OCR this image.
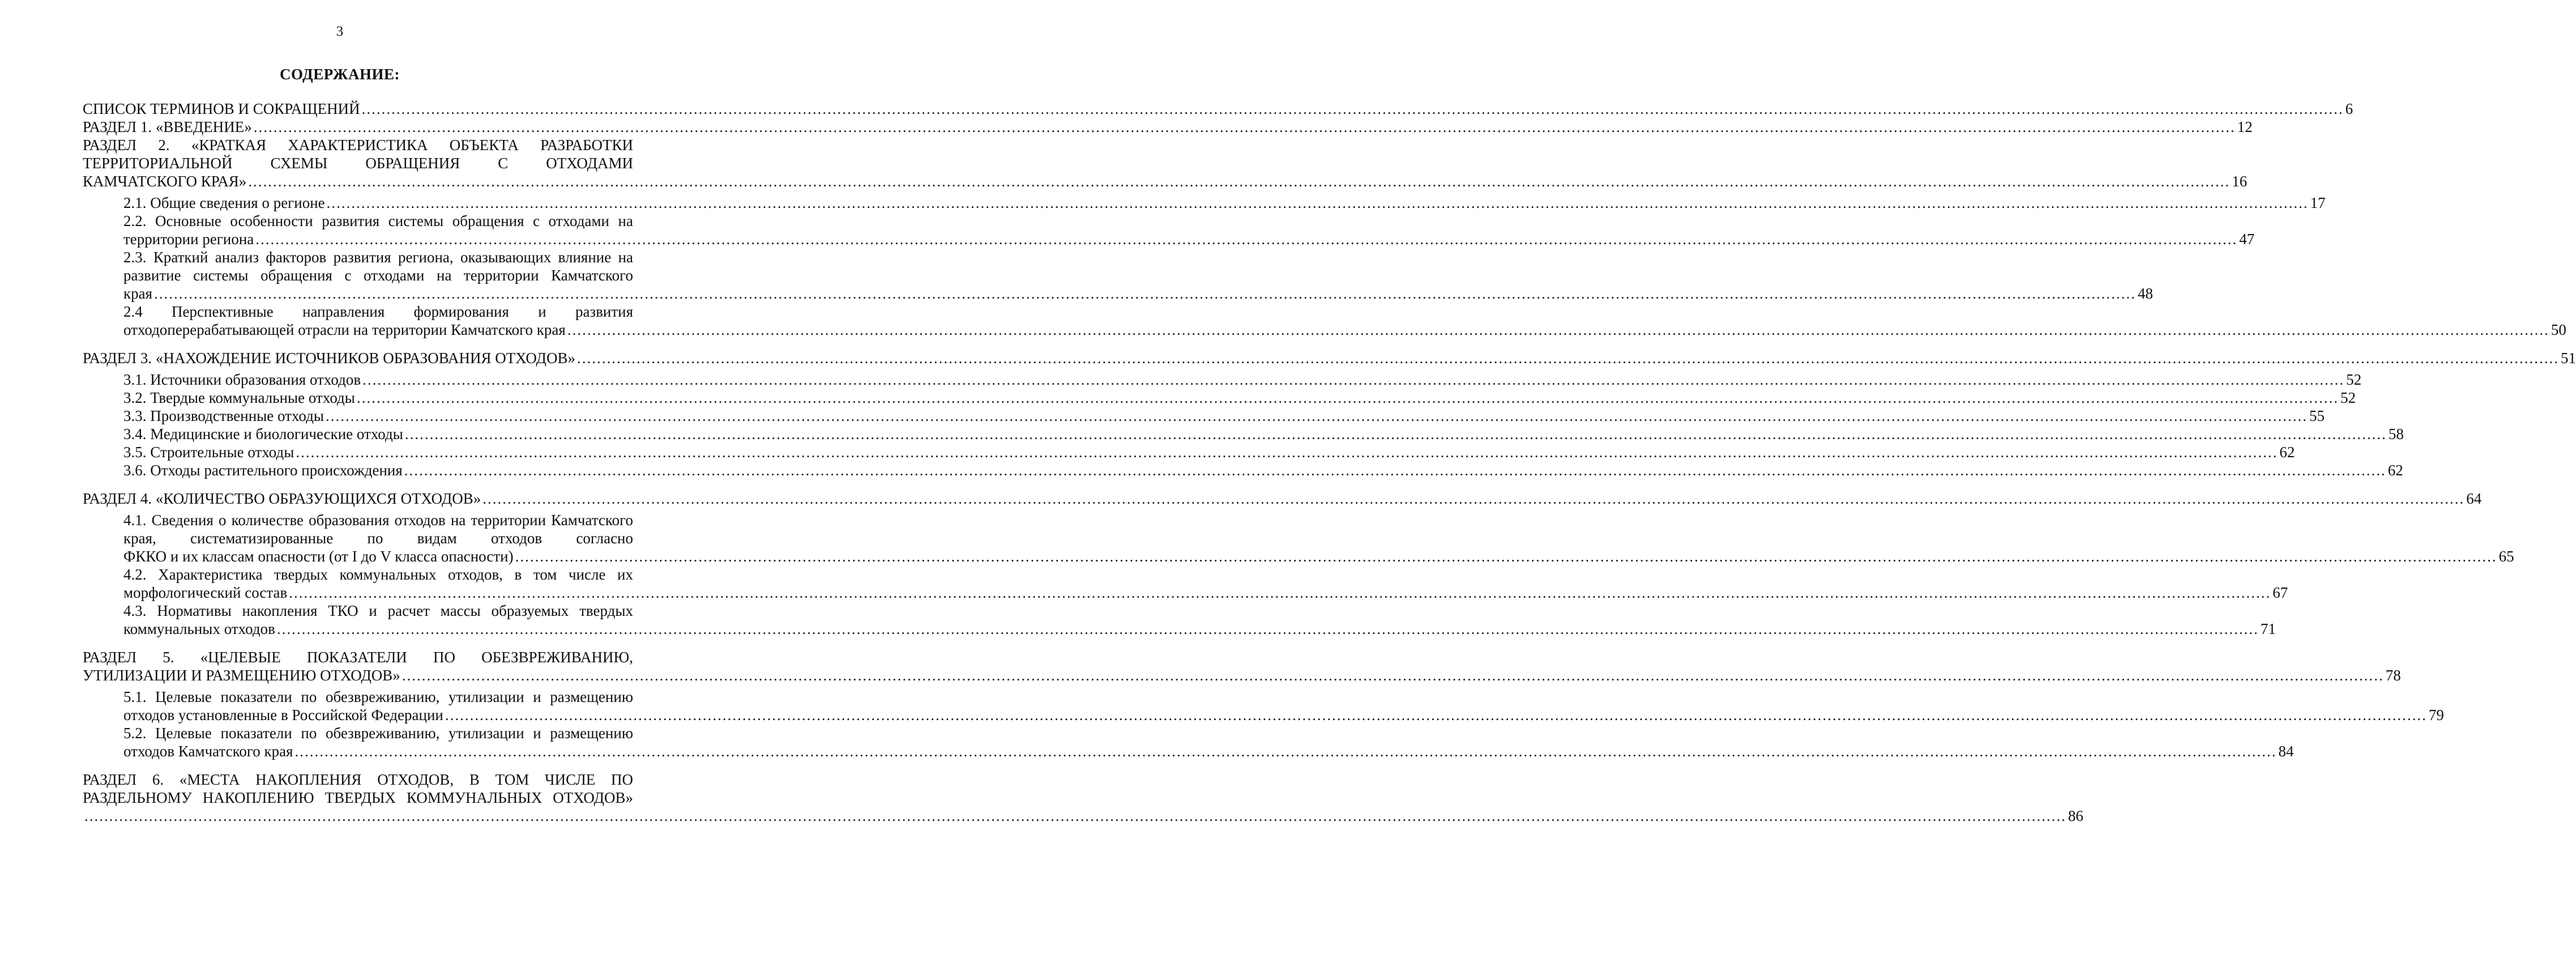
3
СОДЕРЖАНИЕ:
СПИСОК ТЕРМИНОВ И СОКРАЩЕНИЙ ................................................................................................................................................................................................................................................................................................................................................................................................................ 6
РАЗДЕЛ 1. «ВВЕДЕНИЕ» ................................................................................................................................................................................................................................................................................................................................................................................................................ 12
РАЗДЕЛ 2. «КРАТКАЯ ХАРАКТЕРИСТИКА ОБЪЕКТА РАЗРАБОТКИ ТЕРРИТОРИАЛЬНОЙ СХЕМЫ ОБРАЩЕНИЯ С ОТХОДАМИ
КАМЧАТСКОГО КРАЯ» ................................................................................................................................................................................................................................................................................................................................................................................................................ 16
2.1. Общие сведения о регионе ................................................................................................................................................................................................................................................................................................................................................................................................................ 17
2.2. Основные особенности развития системы обращения с отходами на
территории региона ................................................................................................................................................................................................................................................................................................................................................................................................................ 47
2.3. Краткий анализ факторов развития региона, оказывающих влияние на развитие системы обращения с отходами на территории Камчатского
края ................................................................................................................................................................................................................................................................................................................................................................................................................ 48
2.4 Перспективные направления формирования и развития
отходоперерабатывающей отрасли на территории Камчатского края ................................................................................................................................................................................................................................................................................................................................................................................................................ 50
РАЗДЕЛ 3. «НАХОЖДЕНИЕ ИСТОЧНИКОВ ОБРАЗОВАНИЯ ОТХОДОВ» ................................................................................................................................................................................................................................................................................................................................................................................................................ 51
3.1. Источники образования отходов ................................................................................................................................................................................................................................................................................................................................................................................................................ 52
3.2. Твердые коммунальные отходы ................................................................................................................................................................................................................................................................................................................................................................................................................ 52
3.3. Производственные отходы ................................................................................................................................................................................................................................................................................................................................................................................................................ 55
3.4. Медицинские и биологические отходы ................................................................................................................................................................................................................................................................................................................................................................................................................ 58
3.5. Строительные отходы ................................................................................................................................................................................................................................................................................................................................................................................................................ 62
3.6. Отходы растительного происхождения ................................................................................................................................................................................................................................................................................................................................................................................................................ 62
РАЗДЕЛ 4. «КОЛИЧЕСТВО ОБРАЗУЮЩИХСЯ ОТХОДОВ» ................................................................................................................................................................................................................................................................................................................................................................................................................ 64
4.1. Сведения о количестве образования отходов на территории Камчатского края, систематизированные по видам отходов согласно
ФККО и их классам опасности (от I до V класса опасности) ................................................................................................................................................................................................................................................................................................................................................................................................................ 65
4.2. Характеристика твердых коммунальных отходов, в том числе их
морфологический состав ................................................................................................................................................................................................................................................................................................................................................................................................................ 67
4.3. Нормативы накопления ТКО и расчет массы образуемых твердых
коммунальных отходов ................................................................................................................................................................................................................................................................................................................................................................................................................ 71
РАЗДЕЛ 5. «ЦЕЛЕВЫЕ ПОКАЗАТЕЛИ ПО ОБЕЗВРЕЖИВАНИЮ,
УТИЛИЗАЦИИ И РАЗМЕЩЕНИЮ ОТХОДОВ» ................................................................................................................................................................................................................................................................................................................................................................................................................ 78
5.1. Целевые показатели по обезвреживанию, утилизации и размещению
отходов установленные в Российской Федерации ................................................................................................................................................................................................................................................................................................................................................................................................................ 79
5.2. Целевые показатели по обезвреживанию, утилизации и размещению
отходов Камчатского края ................................................................................................................................................................................................................................................................................................................................................................................................................ 84
РАЗДЕЛ 6. «МЕСТА НАКОПЛЕНИЯ ОТХОДОВ, В ТОМ ЧИСЛЕ ПО РАЗДЕЛЬНОМУ НАКОПЛЕНИЮ ТВЕРДЫХ КОММУНАЛЬНЫХ ОТХОДОВ»
................................................................................................................................................................................................................................................................................................................................................................................................................ 86
